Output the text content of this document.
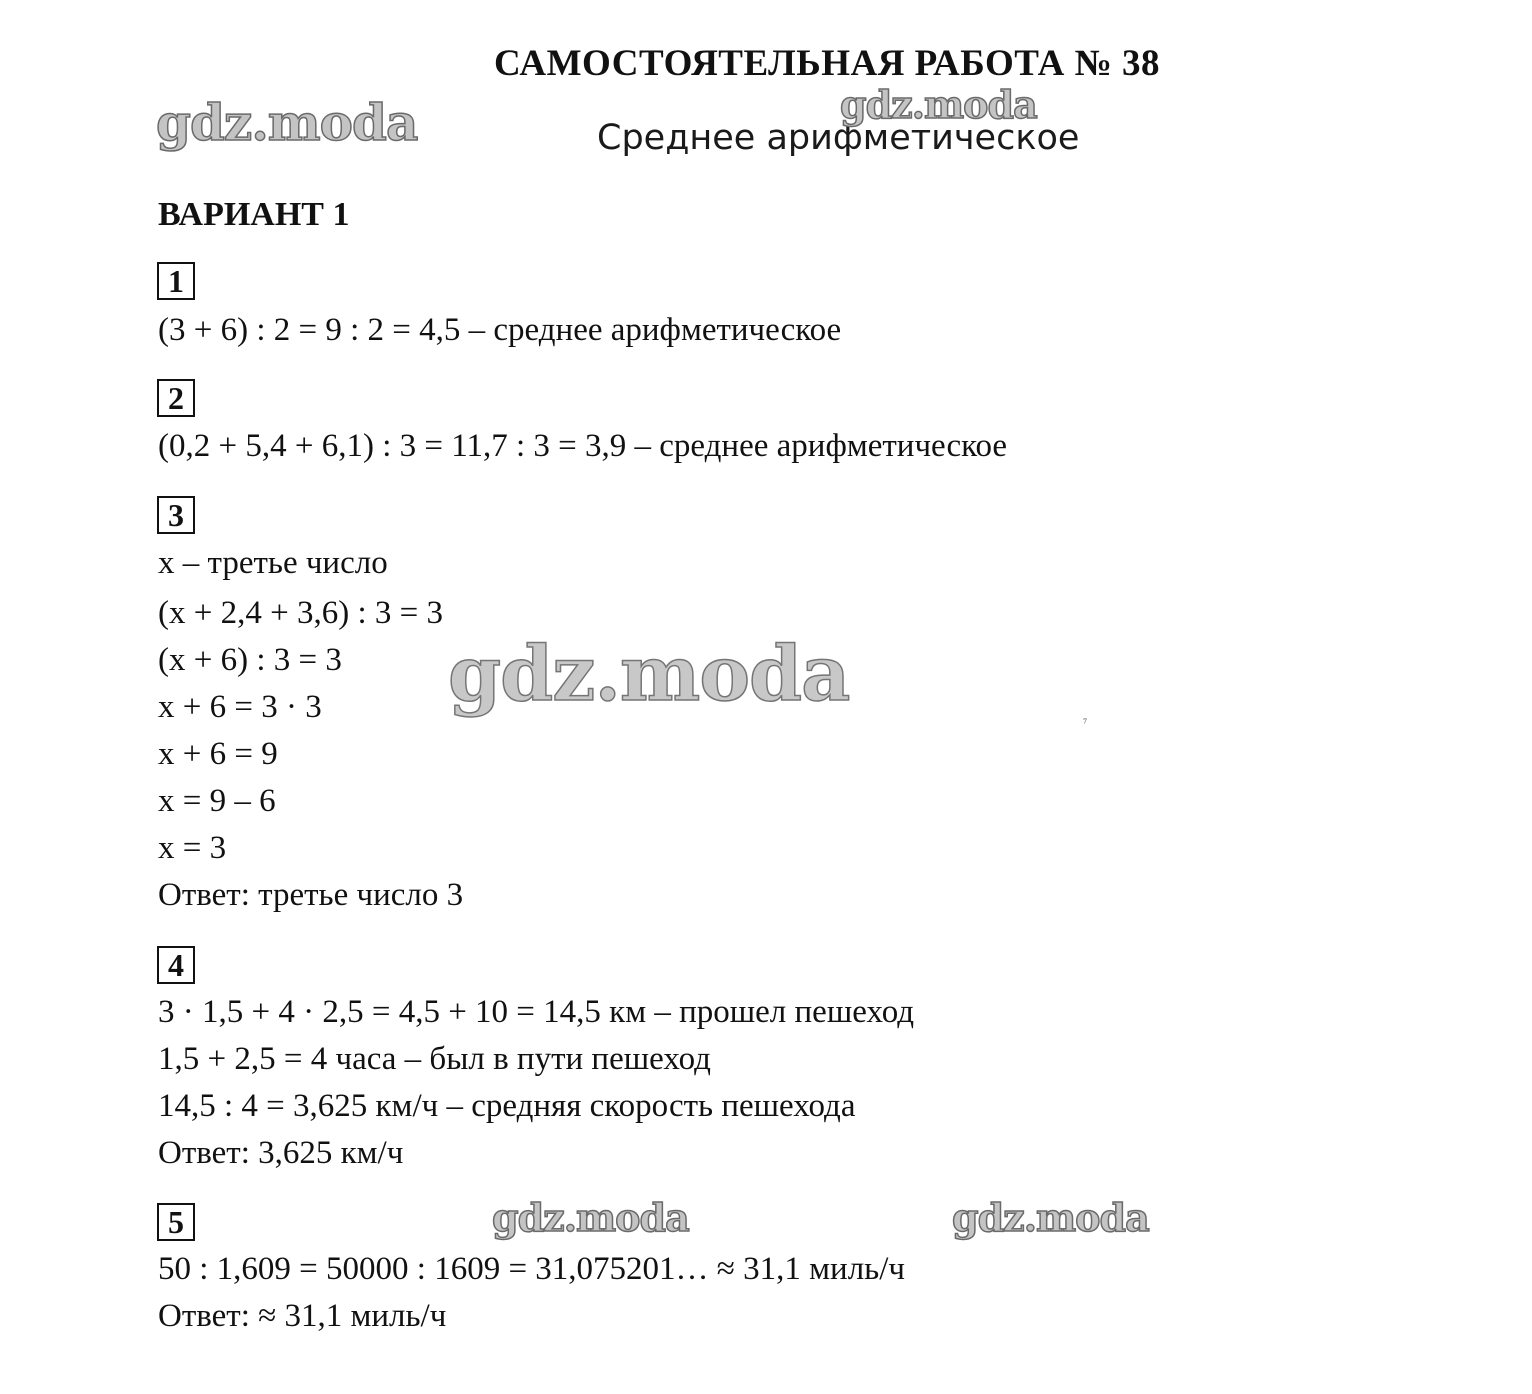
САМОСТОЯТЕЛЬНАЯ РАБОТА № 38
Среднее арифметическое
ВАРИАНТ 1
1
(3 + 6) : 2 = 9 : 2 = 4,5 – среднее арифметическое
2
(0,2 + 5,4 + 6,1) : 3 = 11,7 : 3 = 3,9 – среднее арифметическое
3
x – третье число
(x + 2,4 + 3,6) : 3 = 3
(x + 6) : 3 = 3
x + 6 = 3 · 3
x + 6 = 9
x = 9 – 6
x = 3
Ответ: третье число 3
4
3 · 1,5 + 4 · 2,5 = 4,5 + 10 = 14,5 км – прошел пешеход
1,5 + 2,5 = 4 часа – был в пути пешеход
14,5 : 4 = 3,625 км/ч – средняя скорость пешехода
Ответ: 3,625 км/ч
5
50 : 1,609 = 50000 : 1609 = 31,075201… ≈ 31,1 миль/ч
Ответ: ≈ 31,1 миль/ч
gdz.moda	gdz.moda
gdz.moda
gdz.moda	gdz.moda
⁷
